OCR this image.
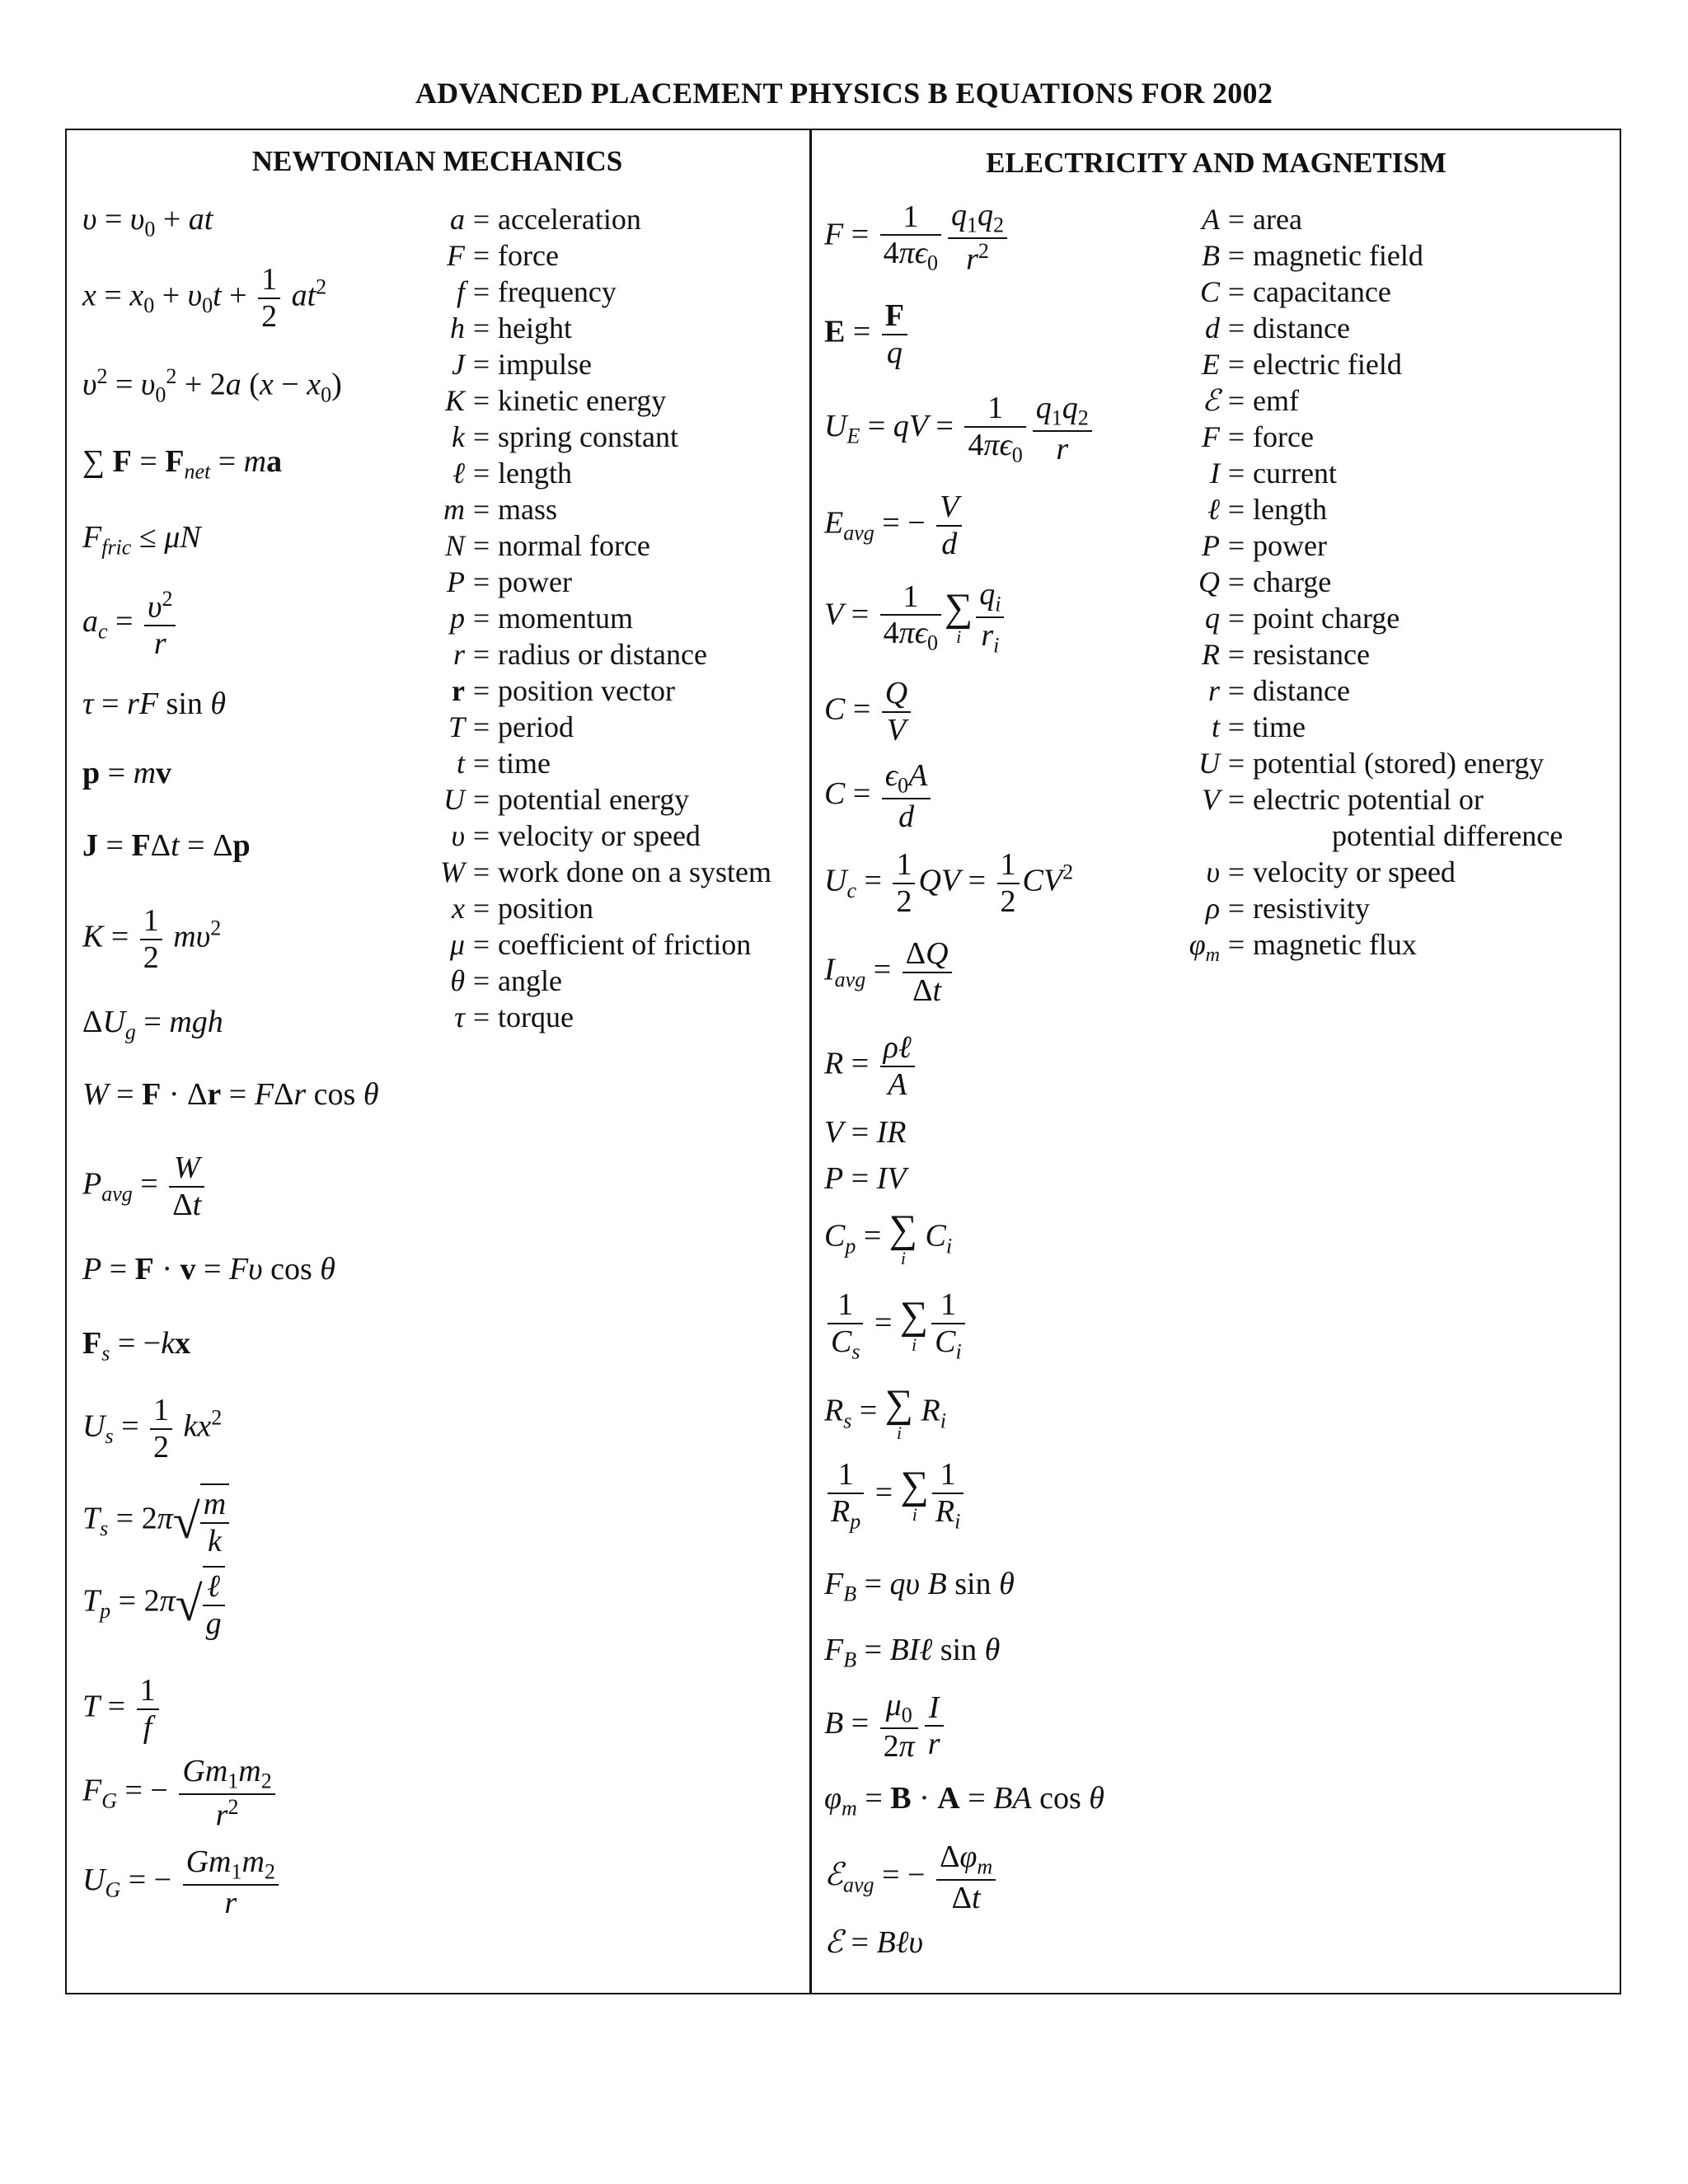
ADVANCED PLACEMENT PHYSICS B EQUATIONS FOR 2002
NEWTONIAN MECHANICS	ELECTRICITY AND MAGNETISM
$\upsilon = \upsilon_0$ + at
$x = x_0 + \upsilon_0t + \frac{1}{2} at^2$
$\upsilon^2 = \upsilon_0^2 + 2a$ $(x - x_0)$
∑ $F = F_{net}$ = ma
$F_{fric} \le \mu N$
$a_c = \frac{\upsilon^2}{r}$
τ = rF sin θ
p = mv
J = FΔt = Δp
$K = \frac{1}{2} m\upsilon^2$
$\Delta U_g$ = mgh
W = F · Δr = FΔr cos θ
$P_{avg} = \frac{W}{\Delta t}$
P = F · v = Fυ cos θ
$F_s = -kx$
$U_s = \frac{1}{2} kx^2$
$T_s = 2\pi√ \frac{m}{k}$
$T_p = 2\pi√ \frac{\text{ℓ}}{g}$
$T = \frac{1}{f}$
$F_G$ = − $\frac{Gm_1m_2}{r^2}$
$U_G$ = − $\frac{Gm_1m_2}{r}$
a = acceleration
F = force
f = frequency
h = height
J = impulse
K = kinetic energy
k = spring constant
ℓ = length
m = mass
N = normal force
P = power
p = momentum
r = radius or distance
r = position vector
T = period
t = time
U = potential energy
υ = velocity or speed
W = work done on a system
x = position
μ = coefficient of friction
θ = angle
τ = torque
$F = \frac{1}{4\pi\epsilon_0} \frac{q_1q_2}{r^2}$
$E = \frac{F}{q}$
$U_E$ = qV = $\frac{1}{4\pi\epsilon_0} \frac{q_1q_2}{r}$
$E_{avg}$ = − $\frac{V}{d}$
$V = \frac{1}{4\pi\epsilon_0}$ ∑
i $\frac{q_i}{r_i}$
$C = \frac{Q}{V}$
$C = \frac{\epsilon_0A}{d}$
$U_c = \frac{1}{2}$ QV = $\frac{1}{2} CV^2$
$I_{avg} = \frac{\Delta Q}{\Delta t}$
$R = \frac{\text{ρℓ}}{A}$
V = IR
P = IV
$C_p$ = ∑
i
$C_i$
$\frac{1}{C_s}$ = ∑
i $\frac{1}{C_i}$
$R_s$ = ∑
i
$R_i$
$\frac{1}{R_p}$ = ∑
i $\frac{1}{R_i}$
$F_B = q\upsilon$ B sin θ
$F_B$ = BIℓ sin θ
$B = \frac{\mu_0}{2\pi} \frac{I}{r}$
$\varphi_m = B \cdot A$ = BA cos θ
ℰ$_{avg}$ = − $\frac{\Delta\varphi_m}{\Delta t}$
ℰ = Bℓυ
A = area
B = magnetic field
C = capacitance
d = distance
E = electric field
ℰ = emf
F = force
I = current
ℓ = length
P = power
Q = charge
q = point charge
R = resistance
r = distance
t = time
U = potential (stored) energy
V = electric potential or
potential difference
υ = velocity or speed
ρ = resistivity
$\varphi_m$ = magnetic flux
